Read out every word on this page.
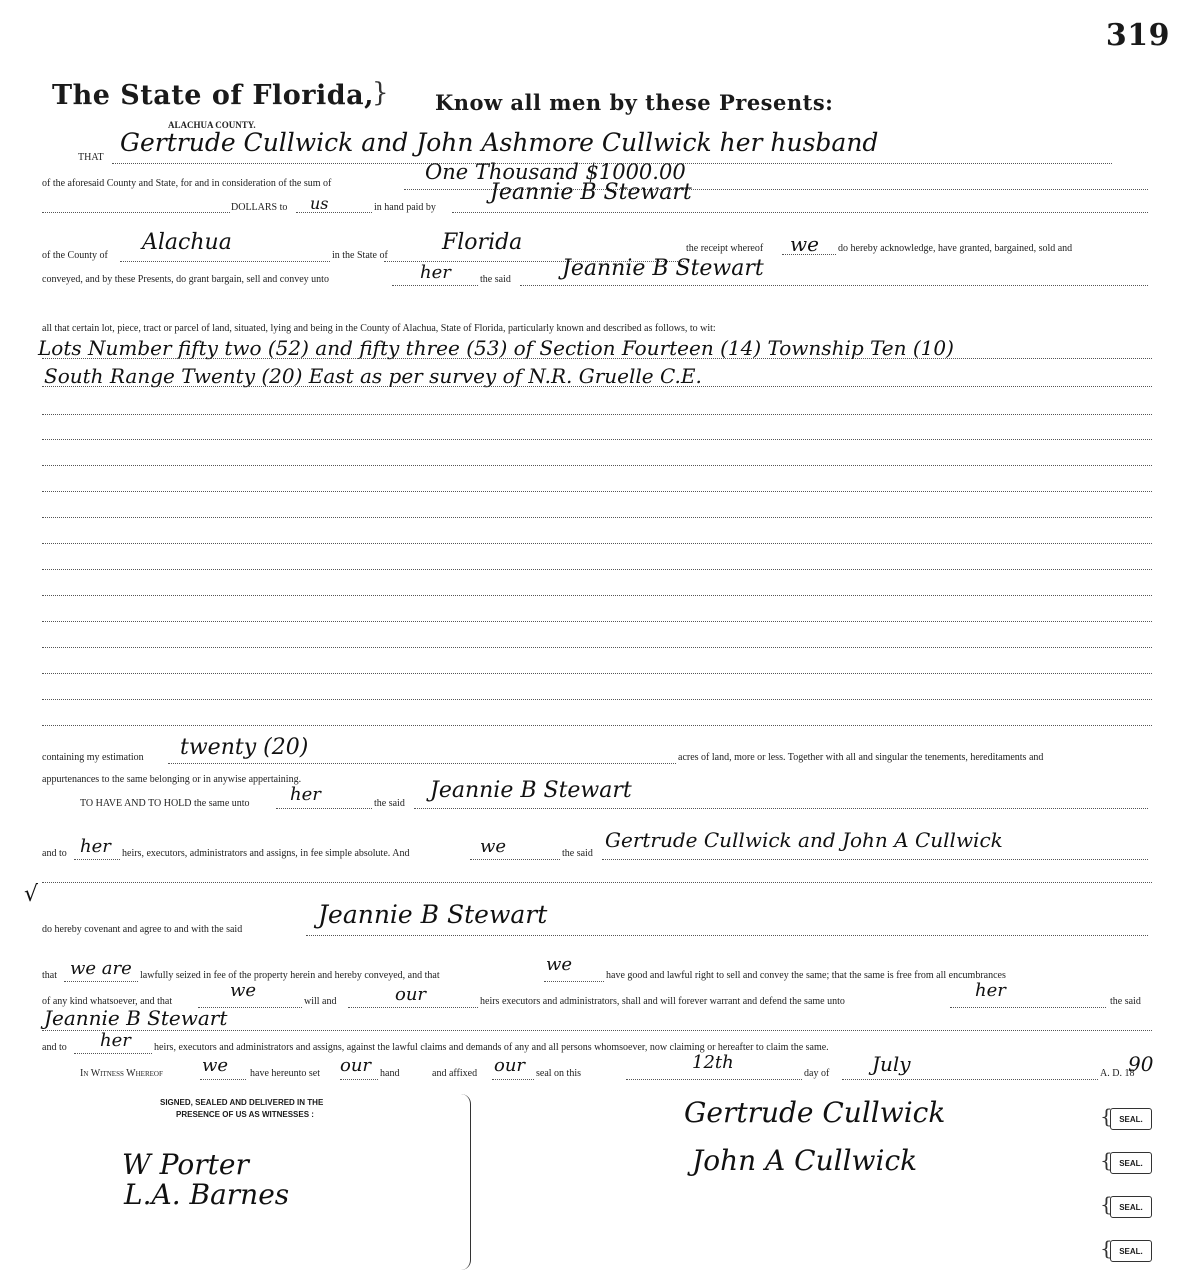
319
The State of Florida,
} Know all men by these Presents:
ALACHUA COUNTY.
THAT
Gertrude Cullwick and John Ashmore Cullwick her husband
of the aforesaid County and State, for and in consideration of the sum of	One Thousand $1000.00
DOLLARS to us	in hand paid by
Jeannie B Stewart
of the County of
Alachua
in the State of
Florida	the receipt whereof we do hereby acknowledge, have granted, bargained, sold and
conveyed, and by these Presents, do grant bargain, sell and convey unto	her	the said Jeannie B Stewart
all that certain lot, piece, tract or parcel of land, situated, lying and being in the County of Alachua, State of Florida, particularly known and described as follows, to wit:
Lots Number fifty two (52) and fifty three (53) of Section Fourteen (14) Township Ten (10)
South Range Twenty (20) East as per survey of N.R. Gruelle C.E.
containing my estimation twenty (20)	acres of land, more or less. Together with all and singular the tenements, hereditaments and
appurtenances to the same belonging or in anywise appertaining.
TO HAVE AND TO HOLD the same unto her	the said
Jeannie B Stewart
and to her heirs, executors, administrators and assigns, in fee simple absolute. And	we	the said
Gertrude Cullwick and John A Cullwick
√
do hereby covenant and agree to and with the said
Jeannie B Stewart
that we are lawfully seized in fee of the property herein and hereby conveyed, and that
we
have good and lawful right to sell and convey the same; that the same is free from all encumbrances
of any kind whatsoever, and that
we
will and	our	heirs executors and administrators, shall and will forever warrant and defend the same unto
her
the said
Jeannie B Stewart
and to her heirs, executors and administrators and assigns, against the lawful claims and demands of any and all persons whomsoever, now claiming or hereafter to claim the same.
In Witness Whereof we have hereunto set our hand	and affixed our seal on this
12th
day of July	A. D. 18
90
SIGNED, SEALED AND DELIVERED IN THE
PRESENCE OF US AS WITNESSES :
W Porter
L.A. Barnes
Gertrude Cullwick
John A Cullwick
{ SEAL.
{ SEAL.
{ SEAL.
{ SEAL.
